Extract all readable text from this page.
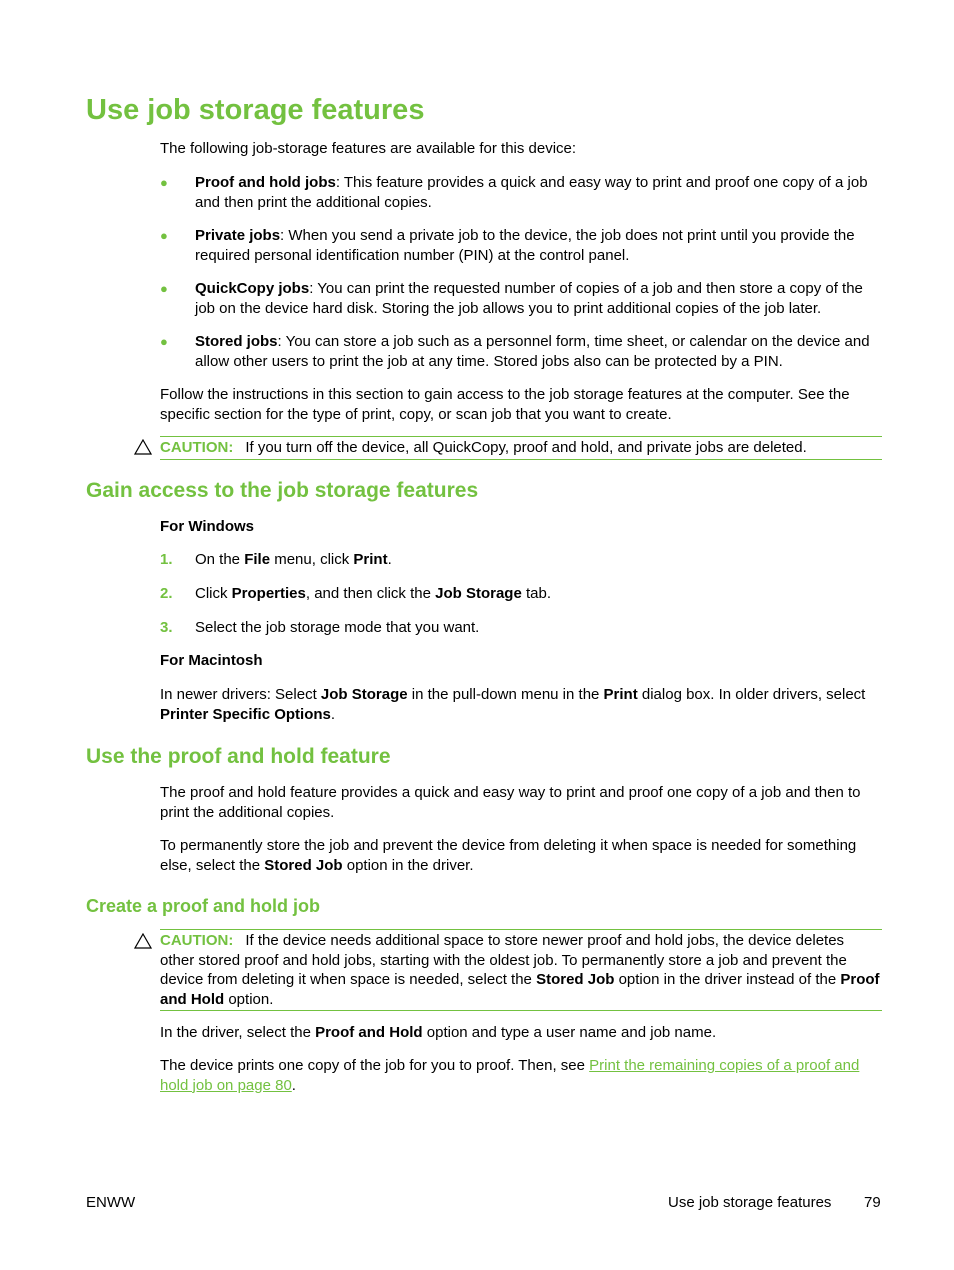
Use job storage features
The following job-storage features are available for this device:
● Proof and hold jobs: This feature provides a quick and easy way to print and proof one copy of a job and then print the additional copies.
● Private jobs: When you send a private job to the device, the job does not print until you provide the required personal identification number (PIN) at the control panel.
● QuickCopy jobs: You can print the requested number of copies of a job and then store a copy of the job on the device hard disk. Storing the job allows you to print additional copies of the job later.
● Stored jobs: You can store a job such as a personnel form, time sheet, or calendar on the device and allow other users to print the job at any time. Stored jobs also can be protected by a PIN.
Follow the instructions in this section to gain access to the job storage features at the computer. See the specific section for the type of print, copy, or scan job that you want to create.
CAUTION: If you turn off the device, all QuickCopy, proof and hold, and private jobs are deleted.
Gain access to the job storage features
For Windows
1. On the File menu, click Print.
2. Click Properties, and then click the Job Storage tab.
3. Select the job storage mode that you want.
For Macintosh
In newer drivers: Select Job Storage in the pull-down menu in the Print dialog box. In older drivers, select Printer Specific Options.
Use the proof and hold feature
The proof and hold feature provides a quick and easy way to print and proof one copy of a job and then to print the additional copies.
To permanently store the job and prevent the device from deleting it when space is needed for something else, select the Stored Job option in the driver.
Create a proof and hold job
CAUTION: If the device needs additional space to store newer proof and hold jobs, the device deletes other stored proof and hold jobs, starting with the oldest job. To permanently store a job and prevent the device from deleting it when space is needed, select the Stored Job option in the driver instead of the Proof and Hold option.
In the driver, select the Proof and Hold option and type a user name and job name.
The device prints one copy of the job for you to proof. Then, see Print the remaining copies of a proof and hold job on page 80.
ENWW	Use job storage features 79
